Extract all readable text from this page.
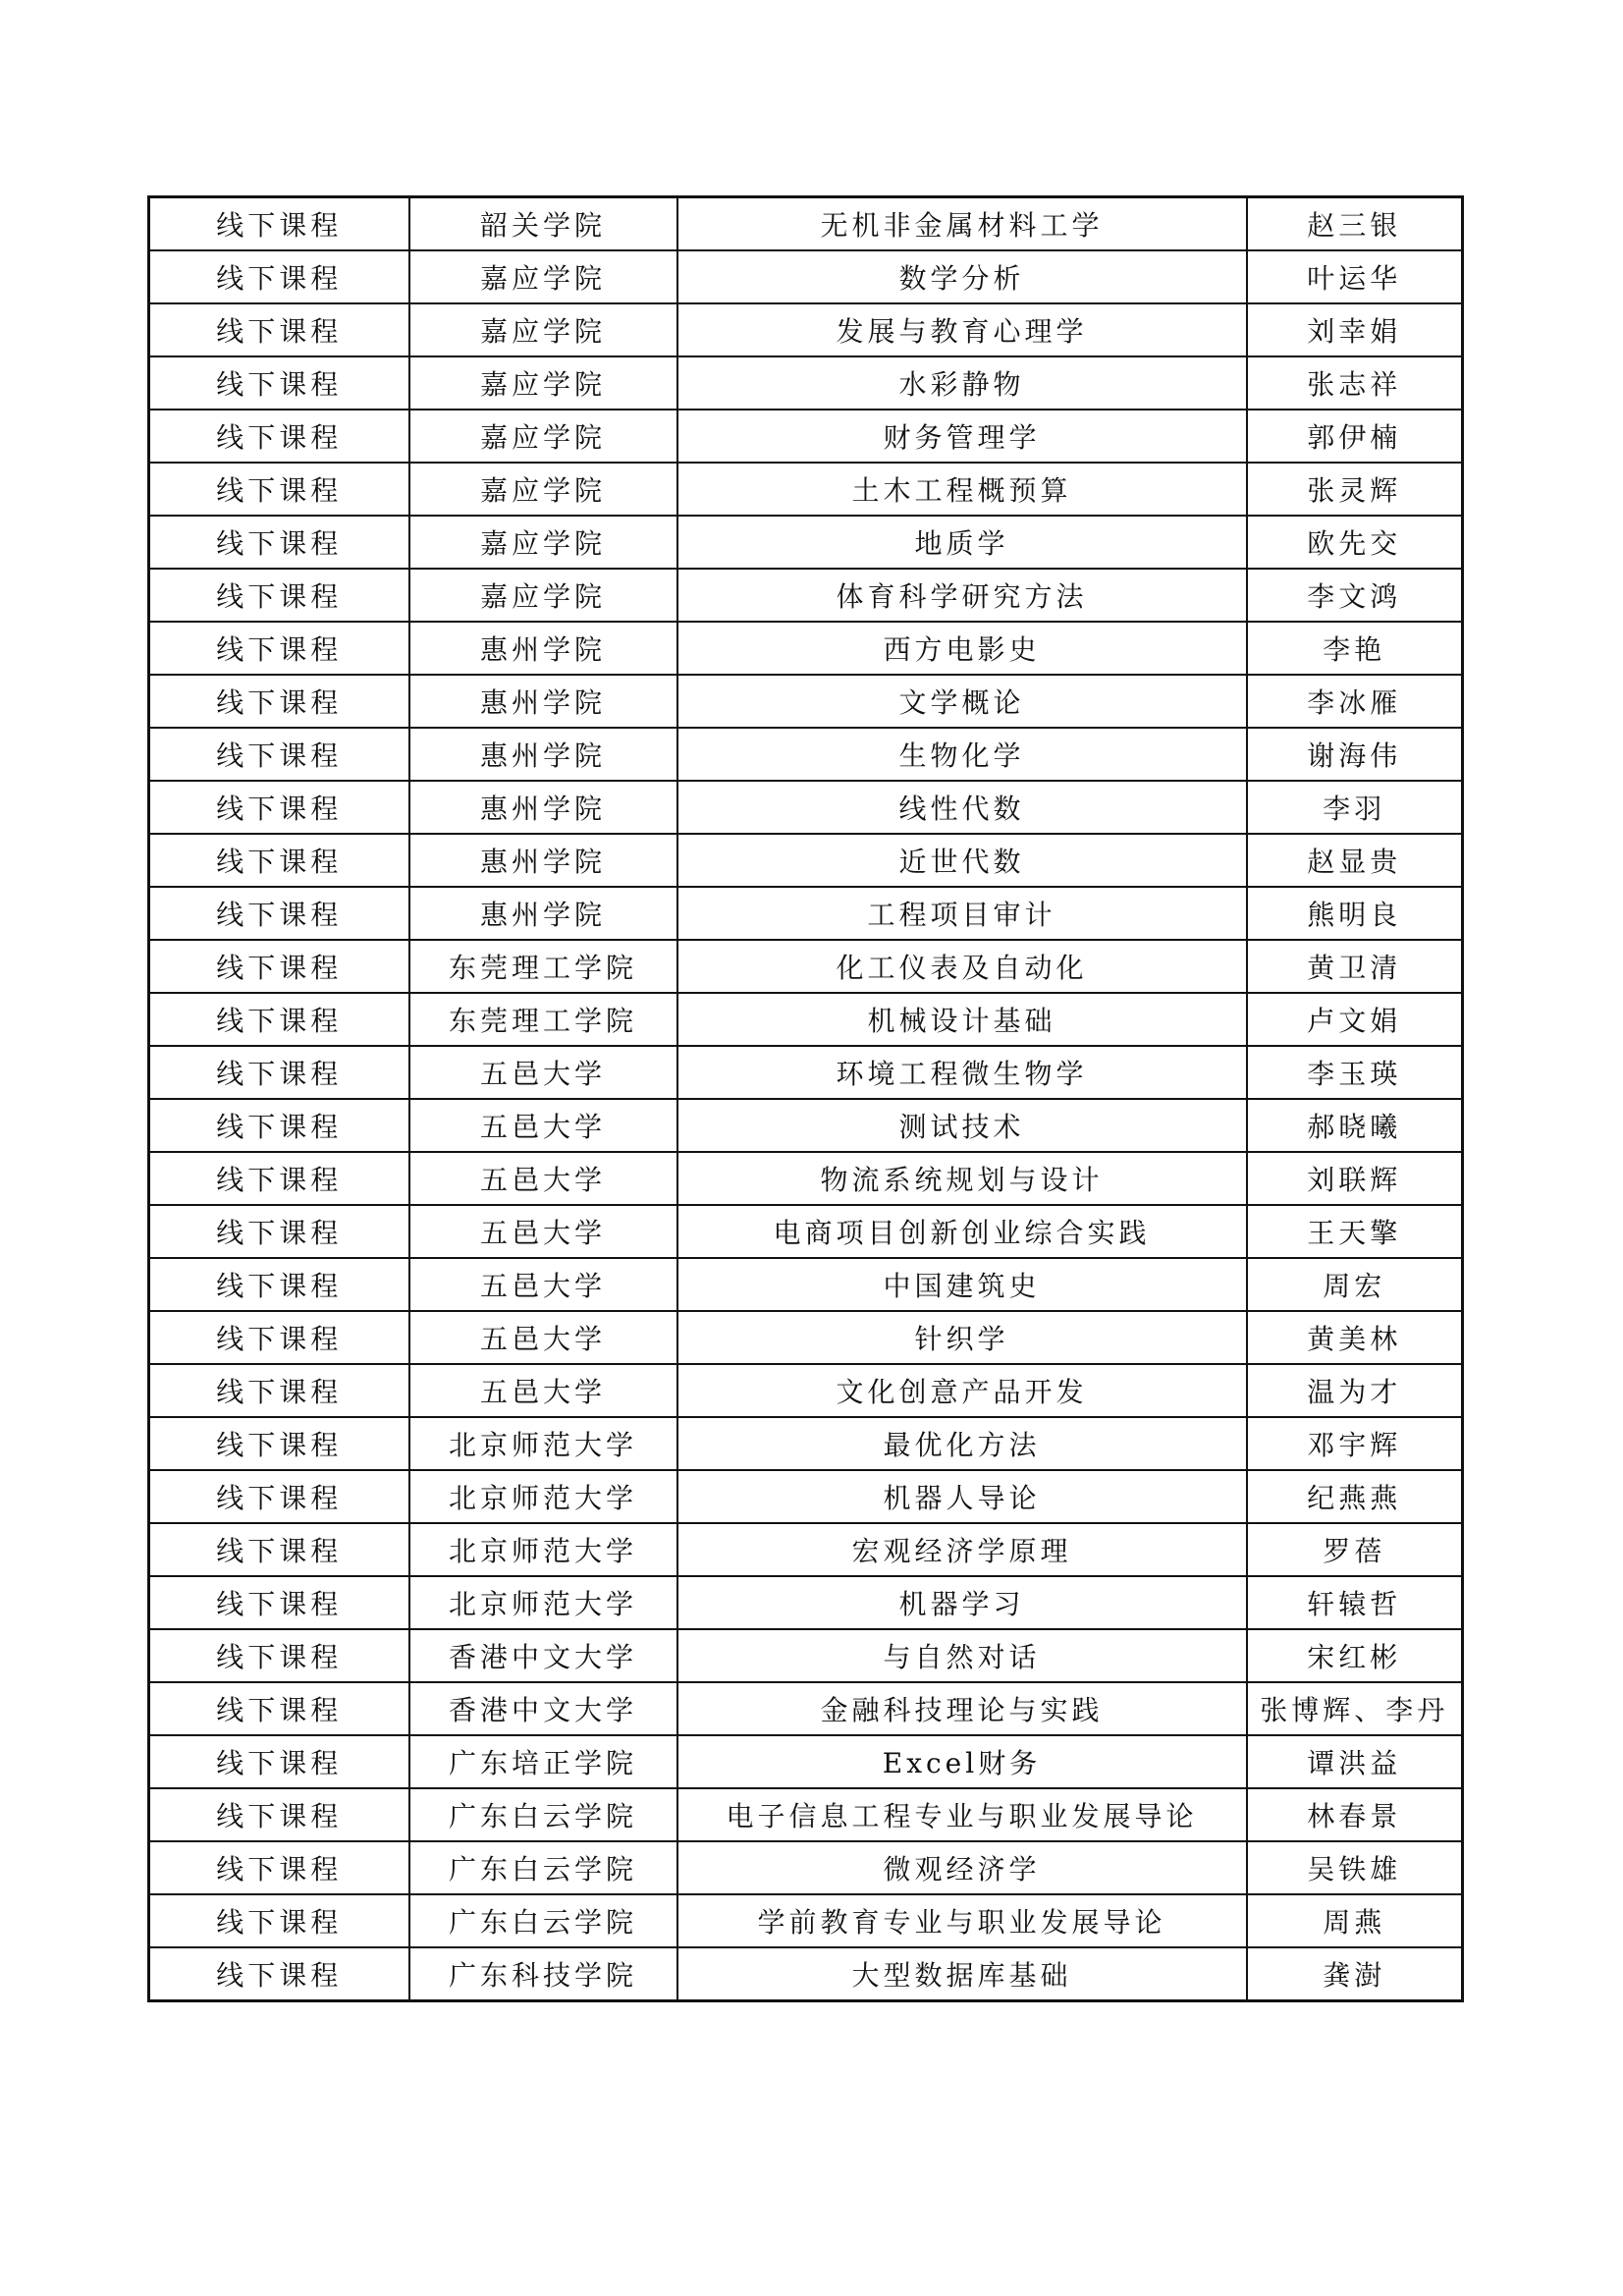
线下课程	韶关学院	无机非金属材料工学	赵三银
线下课程	嘉应学院	数学分析	叶运华
线下课程	嘉应学院	发展与教育心理学	刘幸娟
线下课程	嘉应学院	水彩静物	张志祥
线下课程	嘉应学院	财务管理学	郭伊楠
线下课程	嘉应学院	土木工程概预算	张灵辉
线下课程	嘉应学院	地质学	欧先交
线下课程	嘉应学院	体育科学研究方法	李文鸿
线下课程	惠州学院	西方电影史	李艳
线下课程	惠州学院	文学概论	李冰雁
线下课程	惠州学院	生物化学	谢海伟
线下课程	惠州学院	线性代数	李羽
线下课程	惠州学院	近世代数	赵显贵
线下课程	惠州学院	工程项目审计	熊明良
线下课程	东莞理工学院	化工仪表及自动化	黄卫清
线下课程	东莞理工学院	机械设计基础	卢文娟
线下课程	五邑大学	环境工程微生物学	李玉瑛
线下课程	五邑大学	测试技术	郝晓曦
线下课程	五邑大学	物流系统规划与设计	刘联辉
线下课程	五邑大学	电商项目创新创业综合实践	王天擎
线下课程	五邑大学	中国建筑史	周宏
线下课程	五邑大学	针织学	黄美林
线下课程	五邑大学	文化创意产品开发	温为才
线下课程	北京师范大学	最优化方法	邓宇辉
线下课程	北京师范大学	机器人导论	纪燕燕
线下课程	北京师范大学	宏观经济学原理	罗蓓
线下课程	北京师范大学	机器学习	轩辕哲
线下课程	香港中文大学	与自然对话	宋红彬
线下课程	香港中文大学	金融科技理论与实践	张博辉、李丹
线下课程	广东培正学院	Excel财务	谭洪益
线下课程	广东白云学院	电子信息工程专业与职业发展导论	林春景
线下课程	广东白云学院	微观经济学	吴铁雄
线下课程	广东白云学院	学前教育专业与职业发展导论	周燕
线下课程	广东科技学院	大型数据库基础	龚澍
